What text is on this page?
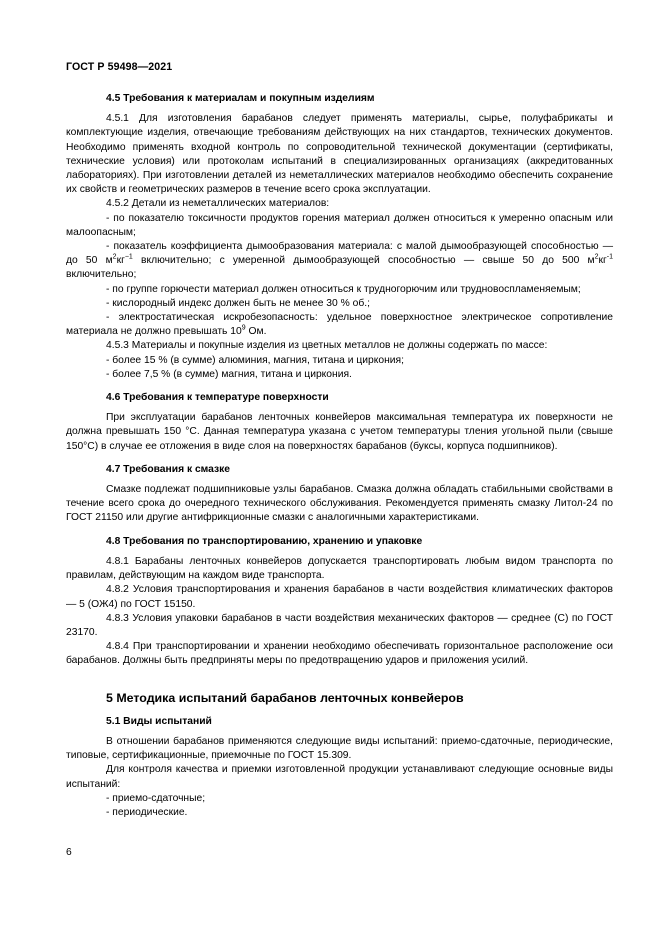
ГОСТ Р 59498—2021
4.5 Требования к материалам и покупным изделиям

4.5.1 Для изготовления барабанов следует применять материалы, сырье, полуфабрикаты и комплектующие изделия, отвечающие требованиям действующих на них стандартов, технических документов. Необходимо применять входной контроль по сопроводительной технической документации (сертификаты, технические условия) или протоколам испытаний в специализированных организациях (аккредитованных лабораториях). При изготовлении деталей из неметаллических материалов необходимо обеспечить сохранение их свойств и геометрических размеров в течение всего срока эксплуатации.

4.5.2 Детали из неметаллических материалов:

- по показателю токсичности продуктов горения материал должен относиться к умеренно опасным или малоопасным;

- показатель коэффициента дымообразования материала: с малой дымообразующей способностью — до 50 $м^2кг^{-1}$ включительно; с умеренной дымообразующей способностью — свыше 50 до 500 $м^2кг^{-1}$ включительно;

- по группе горючести материал должен относиться к трудногорючим или трудновоспламеняемым;

- кислородный индекс должен быть не менее 30 % об.;

- электростатическая искробезопасность: удельное поверхностное электрическое сопротивление материала не должно превышать $10^9$ Ом.

4.5.3 Материалы и покупные изделия из цветных металлов не должны содержать по массе:

- более 15 % (в сумме) алюминия, магния, титана и циркония;

- более 7,5 % (в сумме) магния, титана и циркония.

4.6 Требования к температуре поверхности

При эксплуатации барабанов ленточных конвейеров максимальная температура их поверхности не должна превышать 150 °С. Данная температура указана с учетом температуры тления угольной пыли (свыше 150°С) в случае ее отложения в виде слоя на поверхностях барабанов (буксы, корпуса подшипников).

4.7 Требования к смазке

Смазке подлежат подшипниковые узлы барабанов. Смазка должна обладать стабильными свойствами в течение всего срока до очередного технического обслуживания. Рекомендуется применять смазку Литол-24 по ГОСТ 21150 или другие антифрикционные смазки с аналогичными характеристиками.

4.8 Требования по транспортированию, хранению и упаковке

4.8.1 Барабаны ленточных конвейеров допускается транспортировать любым видом транспорта по правилам, действующим на каждом виде транспорта.

4.8.2 Условия транспортирования и хранения барабанов в части воздействия климатических факторов — 5 (ОЖ4) по ГОСТ 15150.

4.8.3 Условия упаковки барабанов в части воздействия механических факторов — среднее (С) по ГОСТ 23170.

4.8.4 При транспортировании и хранении необходимо обеспечивать горизонтальное расположение оси барабанов. Должны быть предприняты меры по предотвращению ударов и приложения усилий.

5 Методика испытаний барабанов ленточных конвейеров
5.1 Виды испытаний

В отношении барабанов применяются следующие виды испытаний: приемо-сдаточные, периодические, типовые, сертификационные, приемочные по ГОСТ 15.309.

Для контроля качества и приемки изготовленной продукции устанавливают следующие основные виды испытаний:

- приемо-сдаточные;

- периодические.

6
